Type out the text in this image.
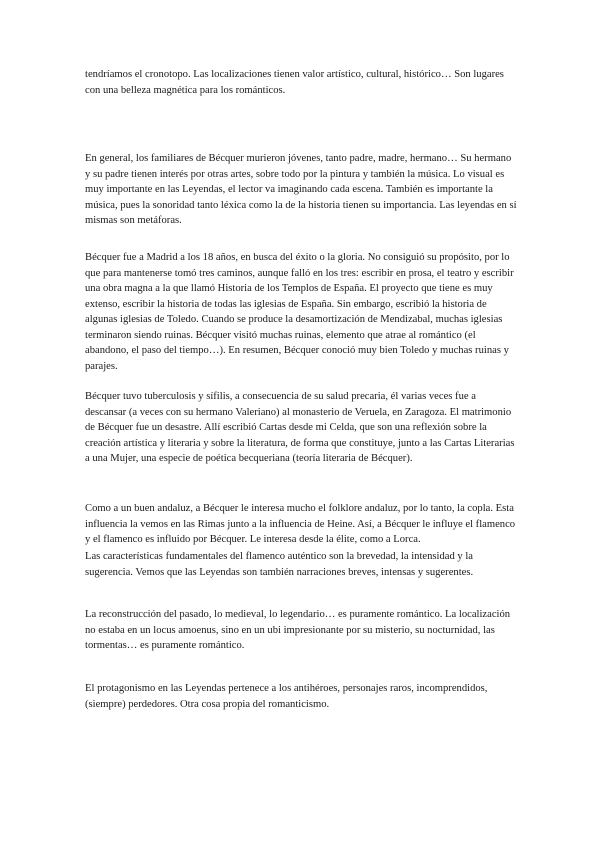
tendríamos el cronotopo. Las localizaciones tienen valor artístico, cultural, histórico… Son lugares con una belleza magnética para los románticos.

En general, los familiares de Bécquer murieron jóvenes, tanto padre, madre, hermano… Su hermano y su padre tienen interés por otras artes, sobre todo por la pintura y también la música. Lo visual es muy importante en las Leyendas, el lector va imaginando cada escena. También es importante la música, pues la sonoridad tanto léxica como la de la historia tienen su importancia. Las leyendas en sí mismas son metáforas.

Bécquer fue a Madrid a los 18 años, en busca del éxito o la gloria. No consiguió su propósito, por lo que para mantenerse tomó tres caminos, aunque falló en los tres: escribir en prosa, el teatro y escribir una obra magna a la que llamó Historia de los Templos de España. El proyecto que tiene es muy extenso, escribir la historia de todas las iglesias de España. Sin embargo, escribió la historia de algunas iglesias de Toledo. Cuando se produce la desamortización de Mendizabal, muchas iglesias terminaron siendo ruinas. Bécquer visitó muchas ruinas, elemento que atrae al romántico (el abandono, el paso del tiempo…). En resumen, Bécquer conoció muy bien Toledo y muchas ruinas y parajes.

Bécquer tuvo tuberculosis y sífilis, a consecuencia de su salud precaria, él varias veces fue a descansar (a veces con su hermano Valeriano) al monasterio de Veruela, en Zaragoza. El matrimonio de Bécquer fue un desastre. Allí escribió Cartas desde mi Celda, que son una reflexión sobre la creación artística y literaria y sobre la literatura, de forma que constituye, junto a las Cartas Literarias a una Mujer, una especie de poética becqueriana (teoría literaria de Bécquer).

Como a un buen andaluz, a Bécquer le interesa mucho el folklore andaluz, por lo tanto, la copla. Esta influencia la vemos en las Rimas junto a la influencia de Heine. Así, a Bécquer le influye el flamenco y el flamenco es influido por Bécquer. Le interesa desde la élite, como a Lorca.

Las características fundamentales del flamenco auténtico son la brevedad, la intensidad y la sugerencia. Vemos que las Leyendas son también narraciones breves, intensas y sugerentes.

La reconstrucción del pasado, lo medieval, lo legendario… es puramente romántico. La localización no estaba en un locus amoenus, sino en un ubi impresionante por su misterio, su nocturnidad, las tormentas… es puramente romántico.

El protagonismo en las Leyendas pertenece a los antihéroes, personajes raros, incomprendidos, (siempre) perdedores. Otra cosa propia del romanticismo.
